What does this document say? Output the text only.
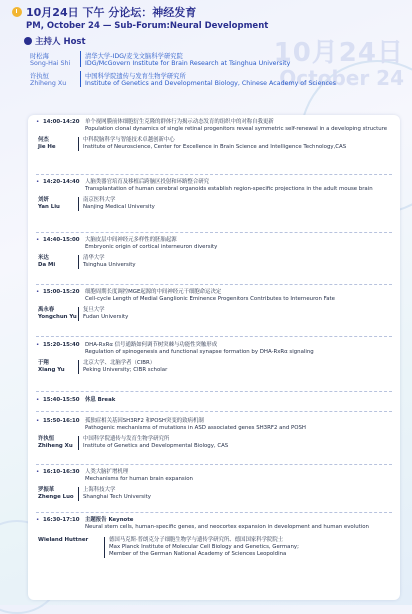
10月24日
October 24
10月24日 下午 分论坛：神经发育
PM, October 24 — Sub-Forum:Neural Development
主持人 Host
时松海
Song-Hai Shi
清华大学-IDG/麦戈文脑科学研究院
IDG/McGovern Institute for Brain Research at Tsinghua University
许执恒
Zhiheng Xu
中国科学院遗传与发育生物学研究所
Institute of Genetics and Developmental Biology, Chinese Academy of Sciences
• 14:00-14:20	单个视网膜前体细胞衍生克隆的群体行为揭示动态发育的组织中的对称自我更新
Population clonal dynamics of single retinal progenitors reveal symmetric self-renewal in a developing structure
何杰
Jie He
中科院脑科学与智能技术卓越创新中心
Institute of Neuroscience, Center for Excellence in Brain Science and Intelligence Technology,CAS
• 14:20-14:40	人脑类器官培育及移植后跨脑区投射和环路整合研究
Transplantation of human cerebral organoids establish region-specific projections in the adult mouse brain
刘妍
Yan Liu
南京医科大学
Nanjing Medical University
• 14:40-15:00	大脑皮层中间神经元多样性的胚胎起源
Embryonic origin of cortical interneuron diversity
米达
Da Mi
清华大学
Tsinghua University
• 15:00-15:20	细胞周期长度调控MGE起源的中间神经元干细胞命运决定
Cell-cycle Length of Medial Ganglionic Eminence Progenitors Contributes to Interneuron Fate
禹永春
Yongchun Yu
复旦大学
Fudan University
• 15:20-15:40	DHA-RxRα 信号通路如何调节树突棘与功能性突触形成
Regulation of spinogenesis and functional synapse formation by DHA-RxRα signaling
于翔
Xiang Yu
北京大学、北脑学者（CIBR）
Peking University; CIBR scholar
• 15:40-15:50	休息 Break
• 15:50-16:10	孤独症相关基因SH3RF2 和POSH突变的致病机制
Pathogenic mechanisms of mutations in ASD associated genes SH3RF2 and POSH
许执恒
Zhiheng Xu
中国科学院遗传与发育生物学研究所
Institute of Genetics and Developmental Biology, CAS
• 16:10-16:30	人类大脑扩增机理
Mechanisms for human brain expansion
罗振革
Zhenge Luo
上海科技大学
Shanghai Tech University
• 16:30-17:10	主题报告 Keynote
Neural stem cells, human-specific genes, and neocortex expansion in development and human evolution
Wieland Huttner	德国马克斯·普朗克分子细胞生物学与遗传学研究所、德国国家科学院院士
Max Planck Institute of Molecular Cell Biology and Genetics, Germany;
Member of the German National Academy of Sciences Leopoldina
